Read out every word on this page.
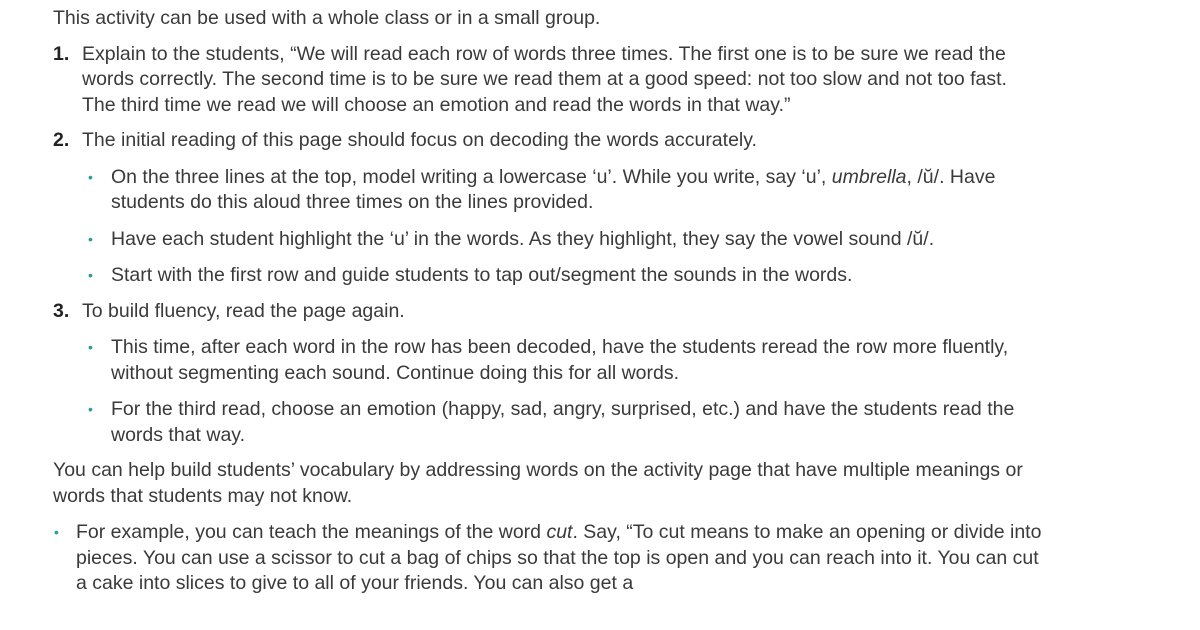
This activity can be used with a whole class or in a small group.

1. Explain to the students, “We will read each row of words three times. The first one is to be sure we read the words correctly. The second time is to be sure we read them at a good speed: not too slow and not too fast. The third time we read we will choose an emotion and read the words in that way.”
2. The initial reading of this page should focus on decoding the words accurately.
• On the three lines at the top, model writing a lowercase ‘u’. While you write, say ‘u’, umbrella, /ŭ/. Have students do this aloud three times on the lines provided.
• Have each student highlight the ‘u’ in the words. As they highlight, they say the vowel sound /ŭ/.
• Start with the first row and guide students to tap out/segment the sounds in the words.
3. To build fluency, read the page again.
• This time, after each word in the row has been decoded, have the students reread the row more fluently, without segmenting each sound. Continue doing this for all words.
• For the third read, choose an emotion (happy, sad, angry, surprised, etc.) and have the students read the words that way.

You can help build students’ vocabulary by addressing words on the activity page that have multiple meanings or words that students may not know.

• For example, you can teach the meanings of the word cut. Say, “To cut means to make an opening or divide into pieces. You can use a scissor to cut a bag of chips so that the top is open and you can reach into it. You can cut a cake into slices to give to all of your friends. You can also get a
